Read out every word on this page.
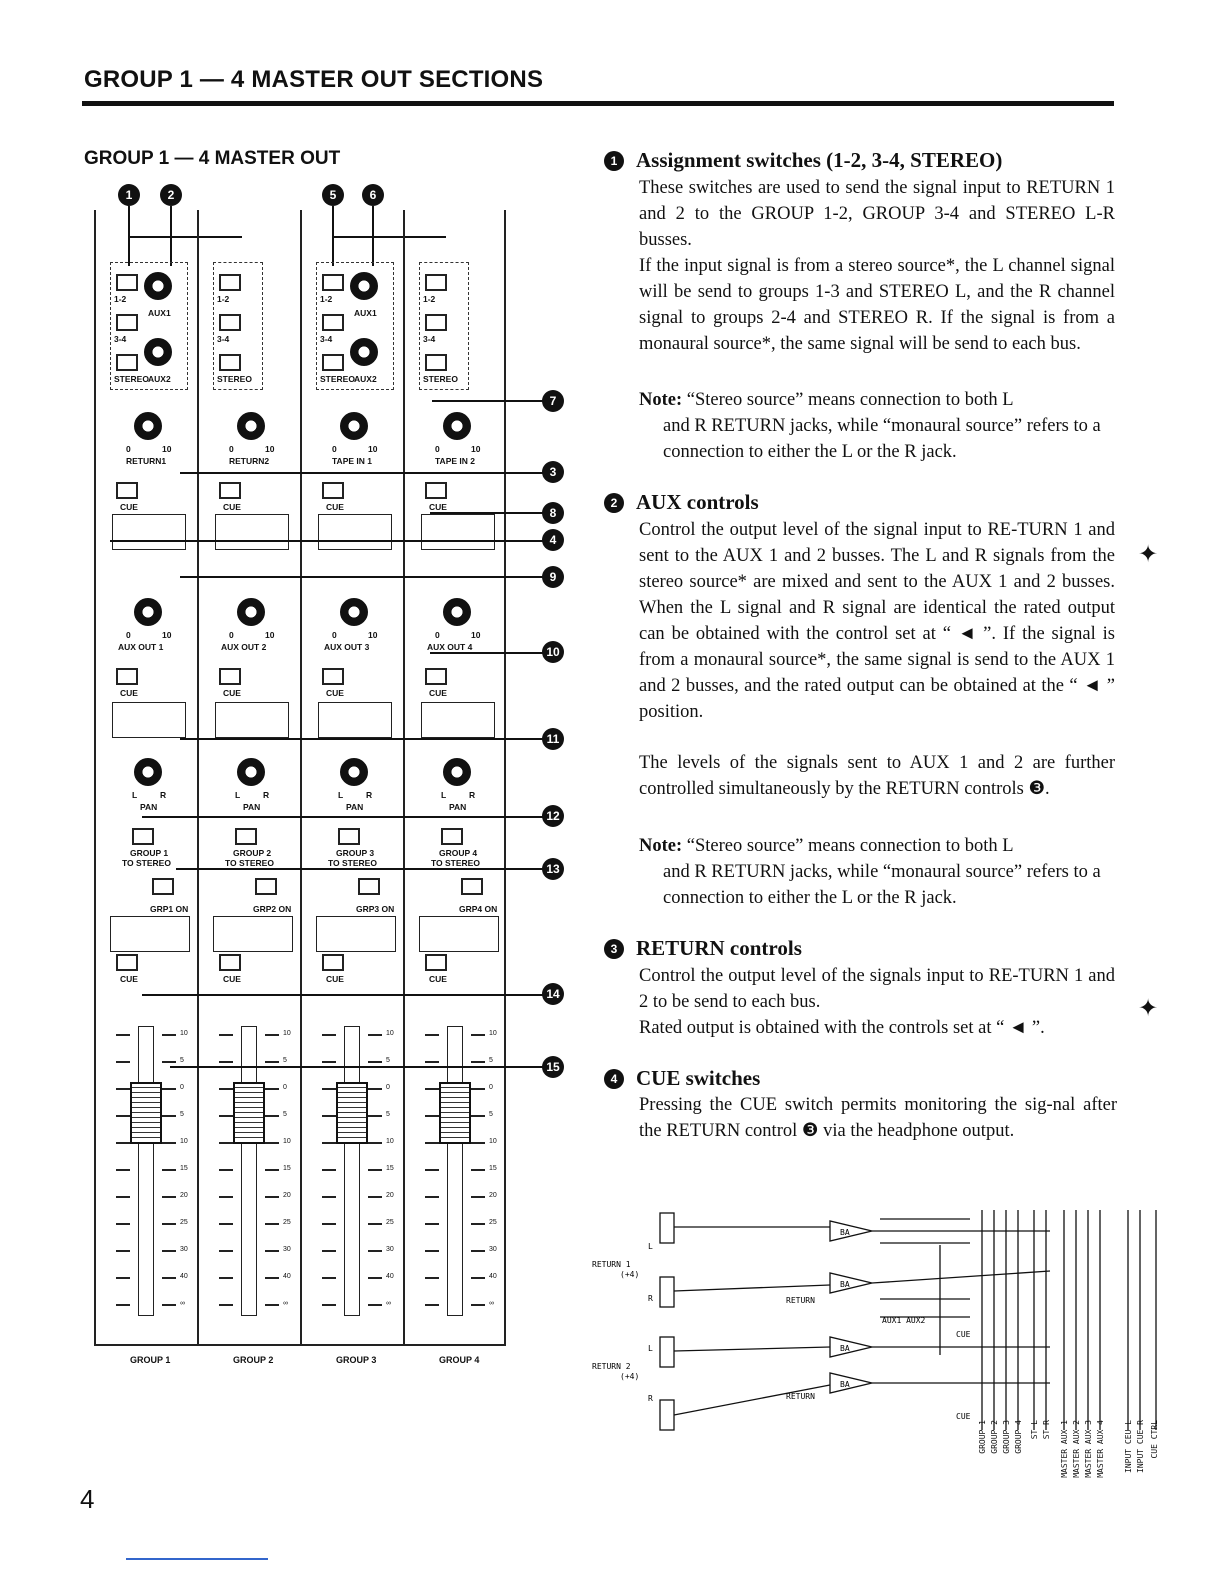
GROUP 1 — 4 MASTER OUT SECTIONS
GROUP 1 — 4 MASTER OUT
1	2	5	6
1-2
3-4
STEREO
AUX1
AUX2
0	10
RETURN1
CUE
0	10
AUX OUT 1
CUE
L	R
PAN
GROUP 1
TO STEREO
GRP1 ON
CUE
10
5
0
5
10
15
20
25
30
40
∞
1-2
3-4
STEREO
0	10
RETURN2
CUE
0	10
AUX OUT 2
CUE
L	R
PAN
GROUP 2
TO STEREO
GRP2 ON
CUE
10
5
0
5
10
15
20
25
30
40
∞
1-2
3-4
STEREO
AUX1
AUX2
0	10
TAPE IN 1
CUE
0	10
AUX OUT 3
CUE
L	R
PAN
GROUP 3
TO STEREO
GRP3 ON
CUE
10
5
0
5
10
15
20
25
30
40
∞
1-2
3-4
STEREO
0	10
TAPE IN 2
CUE
0	10
AUX OUT 4
CUE
L	R
PAN
GROUP 4
TO STEREO
GRP4 ON
CUE
10
5
0
5
10
15
20
25
30
40
∞
7
3
8
4
9
10
11
12
13
14
15
1 Assignment switches (1-2, 3-4, STEREO)
These switches are used to send the signal input to RETURN 1 and 2 to the GROUP 1-2, GROUP 3-4 and STEREO L-R busses.
If the input signal is from a stereo source*, the L channel signal will be send to groups 1-3 and STEREO L, and the R channel signal to groups 2-4 and STEREO R. If the signal is from a monaural source*, the same signal will be send to each bus.
Note: “Stereo source” means connection to both L
and R RETURN jacks, while “monaural source” refers to a connection to either the L or the R jack.
2 AUX controls
Control the output level of the signal input to RE-TURN 1 and sent to the AUX 1 and 2 busses. The L and R signals from the stereo source* are mixed and sent to the AUX 1 and 2 busses. When the L signal and R signal are identical the rated output can be obtained with the control set at “ ◄ ”. If the signal is from a monaural source*, the same signal is send to the AUX 1 and 2 busses, and the rated output can be obtained at the “ ◄ ” position.
The levels of the signals sent to AUX 1 and 2 are further controlled simultaneously by the RETURN controls ❸.
Note: “Stereo source” means connection to both L
and R RETURN jacks, while “monaural source” refers to a connection to either the L or the R jack.
3 RETURN controls
Control the output level of the signals input to RE-TURN 1 and 2 to be send to each bus.
Rated output is obtained with the controls set at “ ◄ ”.
4 CUE switches
Pressing the CUE switch permits monitoring the sig-nal after the RETURN control ❸ via the headphone output.
✦
✦
BA
BA
BA
BA
RETURN
RETURN
AUX1 AUX2
CUE
CUE
RETURN 1
(+4)
RETURN 2
(+4)
L
R
L
R
GROUP 1 GROUP 2 GROUP 3 GROUP 4 ST L ST R MASTER AUX 1 MASTER AUX 2 MASTER AUX 3 MASTER AUX 4 INPUT CEU L INPUT CUE R CUE CTRL
4
GROUP 1	GROUP 2	GROUP 3	GROUP 4
